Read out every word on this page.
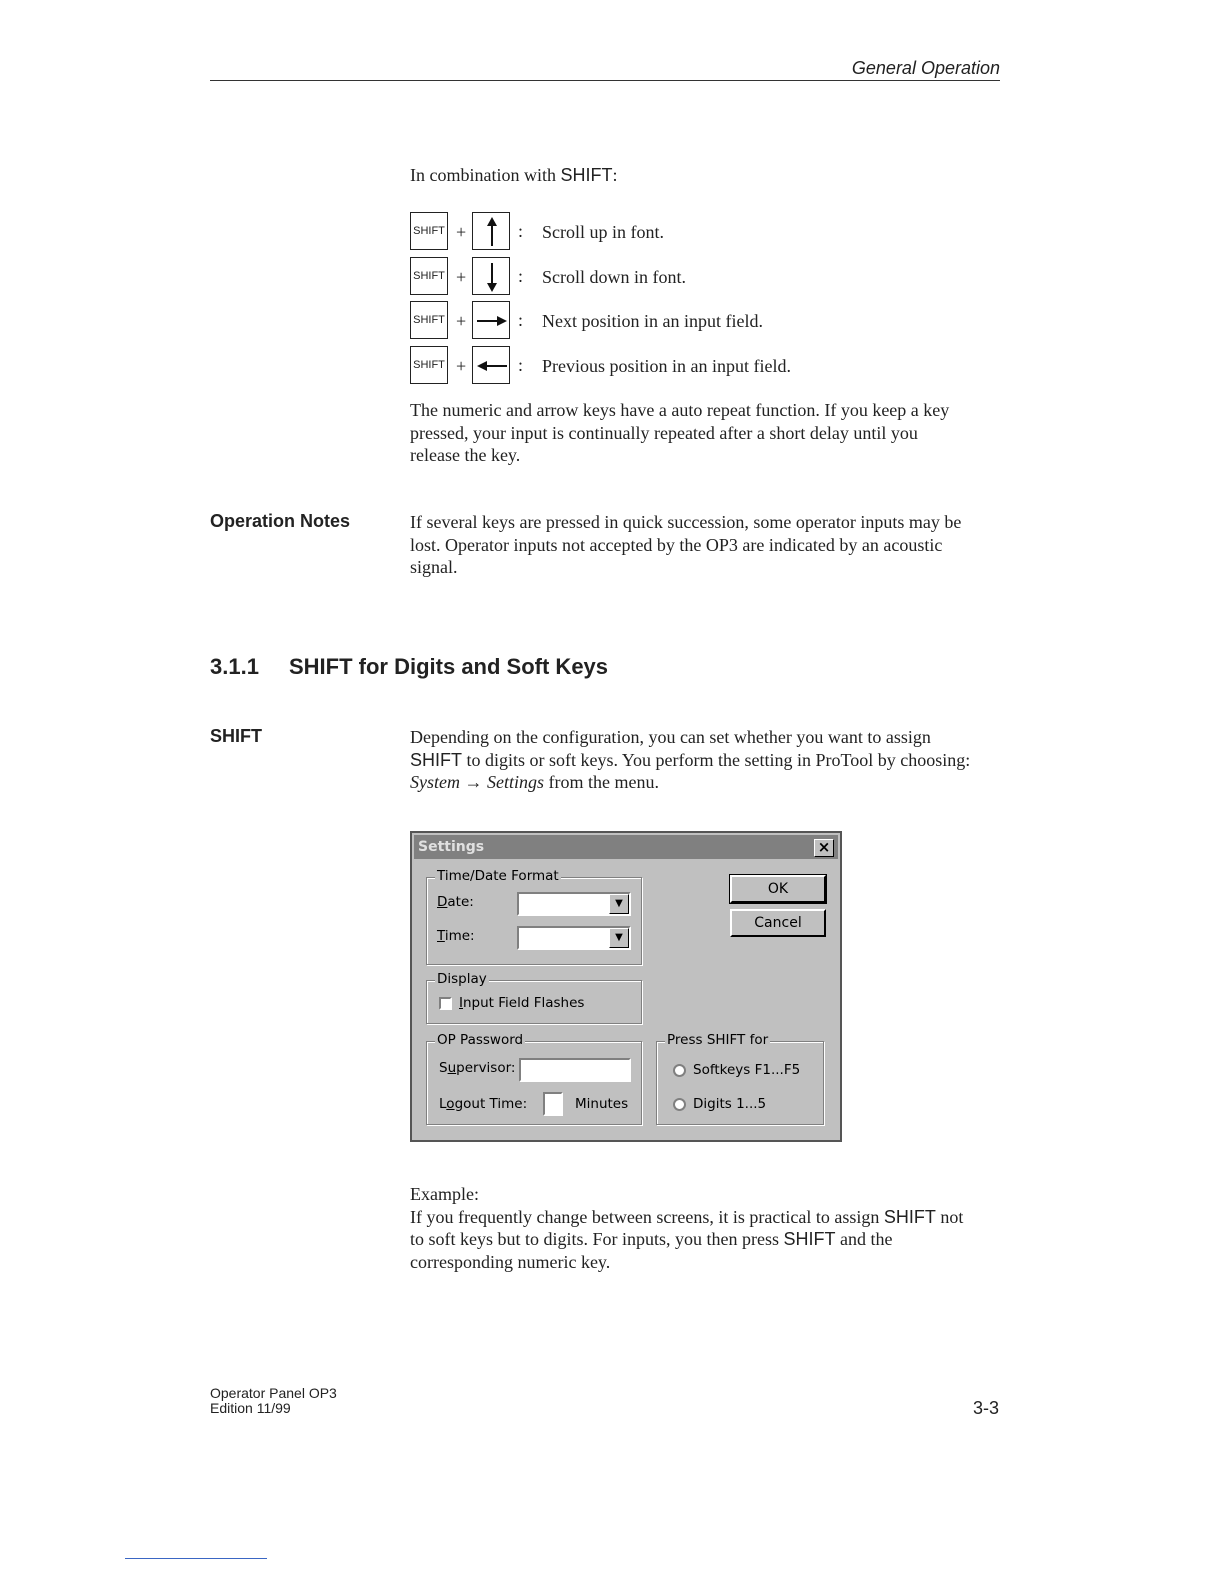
General Operation
In combination with SHIFT:
SHIFT +	: Scroll up in font.
SHIFT +	: Scroll down in font.
SHIFT +	: Next position in an input field.
SHIFT +	: Previous position in an input field.
The numeric and arrow keys have a auto repeat function. If you keep a key
pressed, your input is continually repeated after a short delay until you
release the key.
Operation Notes	If several keys are pressed in quick succession, some operator inputs may be
lost. Operator inputs not accepted by the OP3 are indicated by an acoustic
signal.
3.1.1 SHIFT for Digits and Soft Keys
SHIFT	Depending on the configuration, you can set whether you want to assign
SHIFT to digits or soft keys. You perform the setting in ProTool by choosing:
System → Settings from the menu.
Settings	×
Time/Date Format
Date:	▼
Time:	▼
Display
Input Field Flashes
OP Password
Supervisor:
Logout Time:	Minutes
Press SHIFT for
Softkeys F1...F5
Digits 1...5
OK
Cancel
Example:
If you frequently change between screens, it is practical to assign SHIFT not
to soft keys but to digits. For inputs, you then press SHIFT and the
corresponding numeric key.
Operator Panel OP3
Edition 11/99	3-3
